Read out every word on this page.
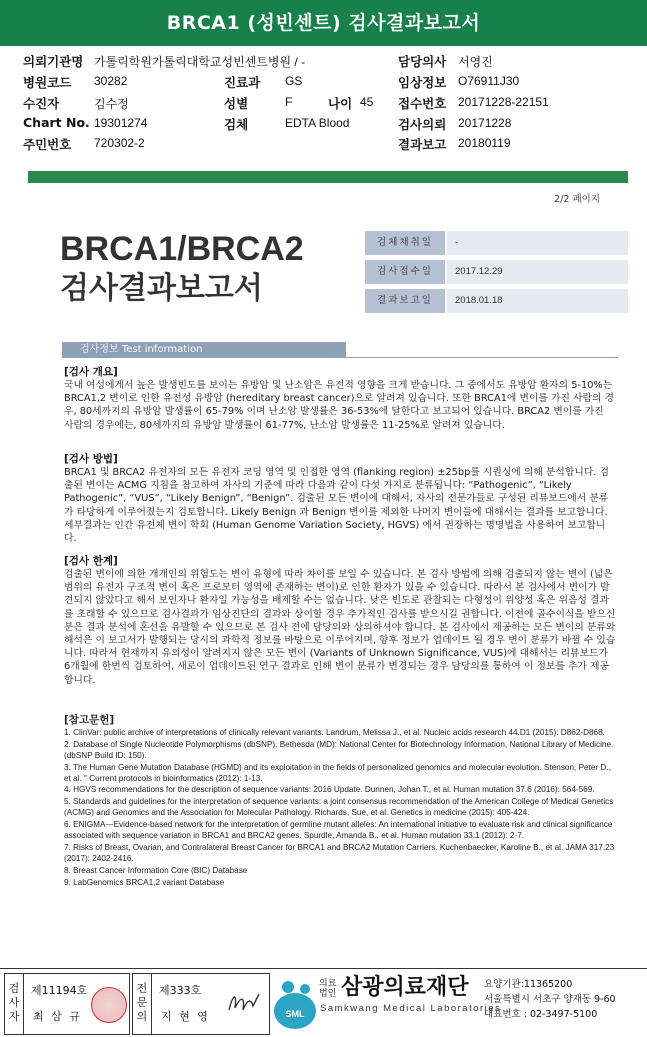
BRCA1 (성빈센트) 검사결과보고서
의뢰기관명 가톨릭학원가톨릭대학교성빈센트병원 / -	담당의사 서영진
병원코드 30282	진료과 GS	임상정보 O76911J30
수진자	김수정	성별	F	나이 45 접수번호 20171228-22151
Chart No. 19301274	검체	EDTA Blood	검사의뢰 20171228
주민번호 720302-2	결과보고 20180119
2/2 페이지
BRCA1/BRCA2
검사결과보고서
검체채취일	-
검사접수일	2017.12.29
결과보고일	2018.01.18
검사정보 Test information
[검사 개요]

국내 여성에게서 높은 발생빈도를 보이는 유방암 및 난소암은 유전적 영향을 크게 받습니다. 그 중에서도 유방암 환자의 5-10%는 BRCA1,2 변이로 인한 유전성 유방암 (hereditary breast cancer)으로 알려져 있습니다. 또한 BRCA1에 변이를 가진 사람의 경우, 80세까지의 유방암 발생률이 65-79% 이며 난소암 발생률은 36-53%에 달한다고 보고되어 있습니다. BRCA2 변이를 가진 사람의 경우에는, 80세까지의 유방암 발생률이 61-77%, 난소암 발생률은 11-25%로 알려져 있습니다.

[검사 방법]

BRCA1 및 BRCA2 유전자의 모든 유전자 코딩 영역 및 인접한 영역 (flanking region) ±25bp를 시퀀싱에 의해 분석합니다. 검출된 변이는 ACMG 지침을 참고하여 자사의 기준에 따라 다음과 같이 다섯 가지로 분류됩니다: “Pathogenic”, “Likely Pathogenic”, “VUS”, “Likely Benign”, “Benign”. 검출된 모든 변이에 대해서, 자사의 전문가들로 구성된 리뷰보드에서 분류가 타당하게 이루어졌는지 검토합니다. Likely Benign 과 Benign 변이를 제외한 나머지 변이들에 대해서는 결과를 보고합니다. 세부결과는 인간 유전체 변이 학회 (Human Genome Variation Society, HGVS) 에서 권장하는 명명법을 사용하여 보고합니다.

[검사 한계]

검출된 변이에 의한 개개인의 위험도는 변이 유형에 따라 차이를 보일 수 있습니다. 본 검사 방법에 의해 검출되지 않는 변이 (넓은 범위의 유전자 구조적 변이 혹은 프로모터 영역에 존재하는 변이)로 인한 환자가 있을 수 있습니다. 따라서 본 검사에서 변이가 발견되지 않았다고 해서 보인자나 환자일 가능성을 배제할 수는 없습니다. 낮은 빈도로 관찰되는 다형성이 위양성 혹은 위음성 결과를 초래할 수 있으므로 검사결과가 임상진단의 결과와 상이할 경우 추가적인 검사를 받으시길 권합니다. 이전에 골수이식을 받으신 분은 결과 분석에 혼선을 유발할 수 있으므로 본 검사 전에 담당의와 상의하셔야 합니다. 본 검사에서 제공하는 모든 변이의 분류와 해석은 이 보고서가 발행되는 당시의 과학적 정보를 바탕으로 이루어지며, 향후 정보가 업데이트 될 경우 변이 분류가 바뀔 수 있습니다. 따라서 현재까지 유의성이 알려지지 않은 모든 변이 (Variants of Unknown Significance, VUS)에 대해서는 리뷰보드가 6개월에 한번씩 검토하여, 새로이 업데이트된 연구 결과로 인해 변이 분류가 변경되는 경우 담당의를 통하여 이 정보를 추가 제공합니다.

[참고문헌]
1. ClinVar: public archive of interpretations of clinically relevant variants. Landrum, Melissa J., et al. Nucleic acids research 44.D1 (2015): D862-D868.
2. Database of Single Nucleotide Polymorphisms (dbSNP). Bethesda (MD): National Center for Biotechnology Information, National Library of Medicine. (dbSNP Build ID: 150).
3. The Human Gene Mutation Database (HGMD) and its exploitation in the fields of personalized genomics and molecular evolution. Stenson, Peter D., et al. " Current protocols in bioinformatics (2012): 1-13.
4. HGVS recommendations for the description of sequence variants: 2016 Update. Dunnen, Johan T., et al. Human mutation 37.6 (2016): 564-569.
5. Standards and guidelines for the interpretation of sequence variants: a joint consensus recommendation of the American College of Medical Genetics (ACMG) and Genomics and the Association for Molecular Pathology. Richards, Sue, et al. Genetics in medicine (2015): 405-424.
6. ENIGMA—Evidence-based network for the interpretation of germline mutant alleles: An international initiative to evaluate risk and clinical significance associated with sequence variation in BRCA1 and BRCA2 genes. Spurdle, Amanda B., et al. Human mutation 33.1 (2012): 2-7.
7. Risks of Breast, Ovarian, and Contralateral Breast Cancer for BRCA1 and BRCA2 Mutation Carriers. Kuchenbaecker, Karoline B., et al. JAMA 317.23 (2017): 2402-2416.
8. Breast Cancer Information Core (BIC) Database
9. LabGenomics BRCA1,2 variant Database
검사자
제11194호
최 삼 규
전문의
제333호
지 현 영	SML
의료법인 삼광의료재단
Samkwang Medical Laboratories
요양기관:11365200
서울특별시 서초구 양재동 9-60
대표번호 : 02-3497-5100
